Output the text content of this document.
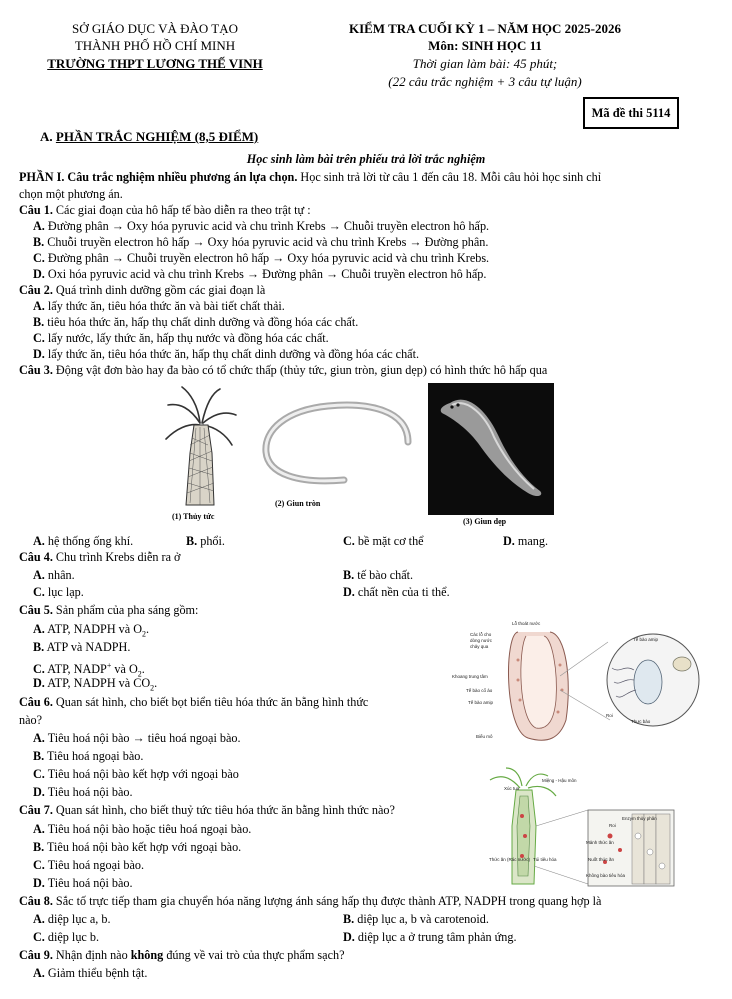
SỞ GIÁO DỤC VÀ ĐÀO TẠO
THÀNH PHỐ HỒ CHÍ MINH
TRƯỜNG THPT LƯƠNG THẾ VINH
KIỂM TRA CUỐI KỲ 1 – NĂM HỌC 2025-2026
Môn: SINH HỌC 11
Thời gian làm bài: 45 phút;
(22 câu trắc nghiệm + 3 câu tự luận)
Mã đề thi 5114
A. PHẦN TRẮC NGHIỆM (8,5 ĐIỂM)
Học sinh làm bài trên phiếu trả lời trắc nghiệm
PHẦN I. Câu trắc nghiệm nhiều phương án lựa chọn. Học sinh trả lời từ câu 1 đến câu 18. Mỗi câu hỏi học sinh chỉ
chọn một phương án.
Câu 1. Các giai đoạn của hô hấp tế bào diễn ra theo trật tự :
A. Đường phân → Oxy hóa pyruvic acid và chu trình Krebs → Chuỗi truyền electron hô hấp.
B. Chuỗi truyền electron hô hấp → Oxy hóa pyruvic acid và chu trình Krebs → Đường phân.
C. Đường phân → Chuỗi truyền electron hô hấp → Oxy hóa pyruvic acid và chu trình Krebs.
D. Oxi hóa pyruvic acid và chu trình Krebs → Đường phân → Chuỗi truyền electron hô hấp.
Câu 2. Quá trình dinh dưỡng gồm các giai đoạn là
A. lấy thức ăn, tiêu hóa thức ăn và bài tiết chất thải.
B. tiêu hóa thức ăn, hấp thụ chất dinh dưỡng và đồng hóa các chất.
C. lấy nước, lấy thức ăn, hấp thụ nước và đồng hóa các chất.
D. lấy thức ăn, tiêu hóa thức ăn, hấp thụ chất dinh dưỡng và đồng hóa các chất.
Câu 3. Động vật đơn bào hay đa bào có tổ chức thấp (thủy tức, giun tròn, giun dẹp) có hình thức hô hấp qua
(1) Thủy tức
(2) Giun tròn
(3) Giun dẹp
A. hệ thống ống khí.	B. phổi.	C. bề mặt cơ thể	D. mang.
Câu 4. Chu trình Krebs diễn ra ở
A. nhân.	B. tế bào chất.
C. lục lạp.	D. chất nền của ti thể.
Câu 5. Sản phẩm của pha sáng gồm:
A. ATP, NADPH và $O_2$.
B. ATP và NADPH.
C. ATP, NADP+ và $O_2$.
D. ATP, NADPH và $CO_2$.
Lỗ thoát nước
Các lỗ cho
dòng nước
chảy qua
Tế bào amip
Khoang trung tâm
Tế bào cổ áo
Tế bào amip
Biểu mô
Roi
Thực bào
Câu 6. Quan sát hình, cho biết bọt biển tiêu hóa thức ăn bằng hình thức
nào?
A. Tiêu hoá nội bào → tiêu hoá ngoại bào.
B. Tiêu hoá ngoại bào.
C. Tiêu hoá nội bào kết hợp với ngoại bào
D. Tiêu hoá nội bào.
Miệng - Hậu môn
Xúc tua
Enzym thủy phân
Roi
Mảnh thức ăn
Thức ăn (Rác nước) Túi tiêu hóa	Nuốt thức ăn
Không bào tiêu hóa
Câu 7. Quan sát hình, cho biết thuỷ tức tiêu hóa thức ăn bằng hình thức nào?
A. Tiêu hoá nội bào hoặc tiêu hoá ngoại bào.
B. Tiêu hoá nội bào kết hợp với ngoại bào.
C. Tiêu hoá ngoại bào.
D. Tiêu hoá nội bào.
Câu 8. Sắc tố trực tiếp tham gia chuyển hóa năng lượng ánh sáng hấp thụ được thành ATP, NADPH trong quang hợp là
A. diệp lục a, b.	B. diệp lục a, b và carotenoid.
C. diệp lục b.	D. diệp lục a ở trung tâm phản ứng.
Câu 9. Nhận định nào không đúng về vai trò của thực phẩm sạch?
A. Giảm thiểu bệnh tật.
